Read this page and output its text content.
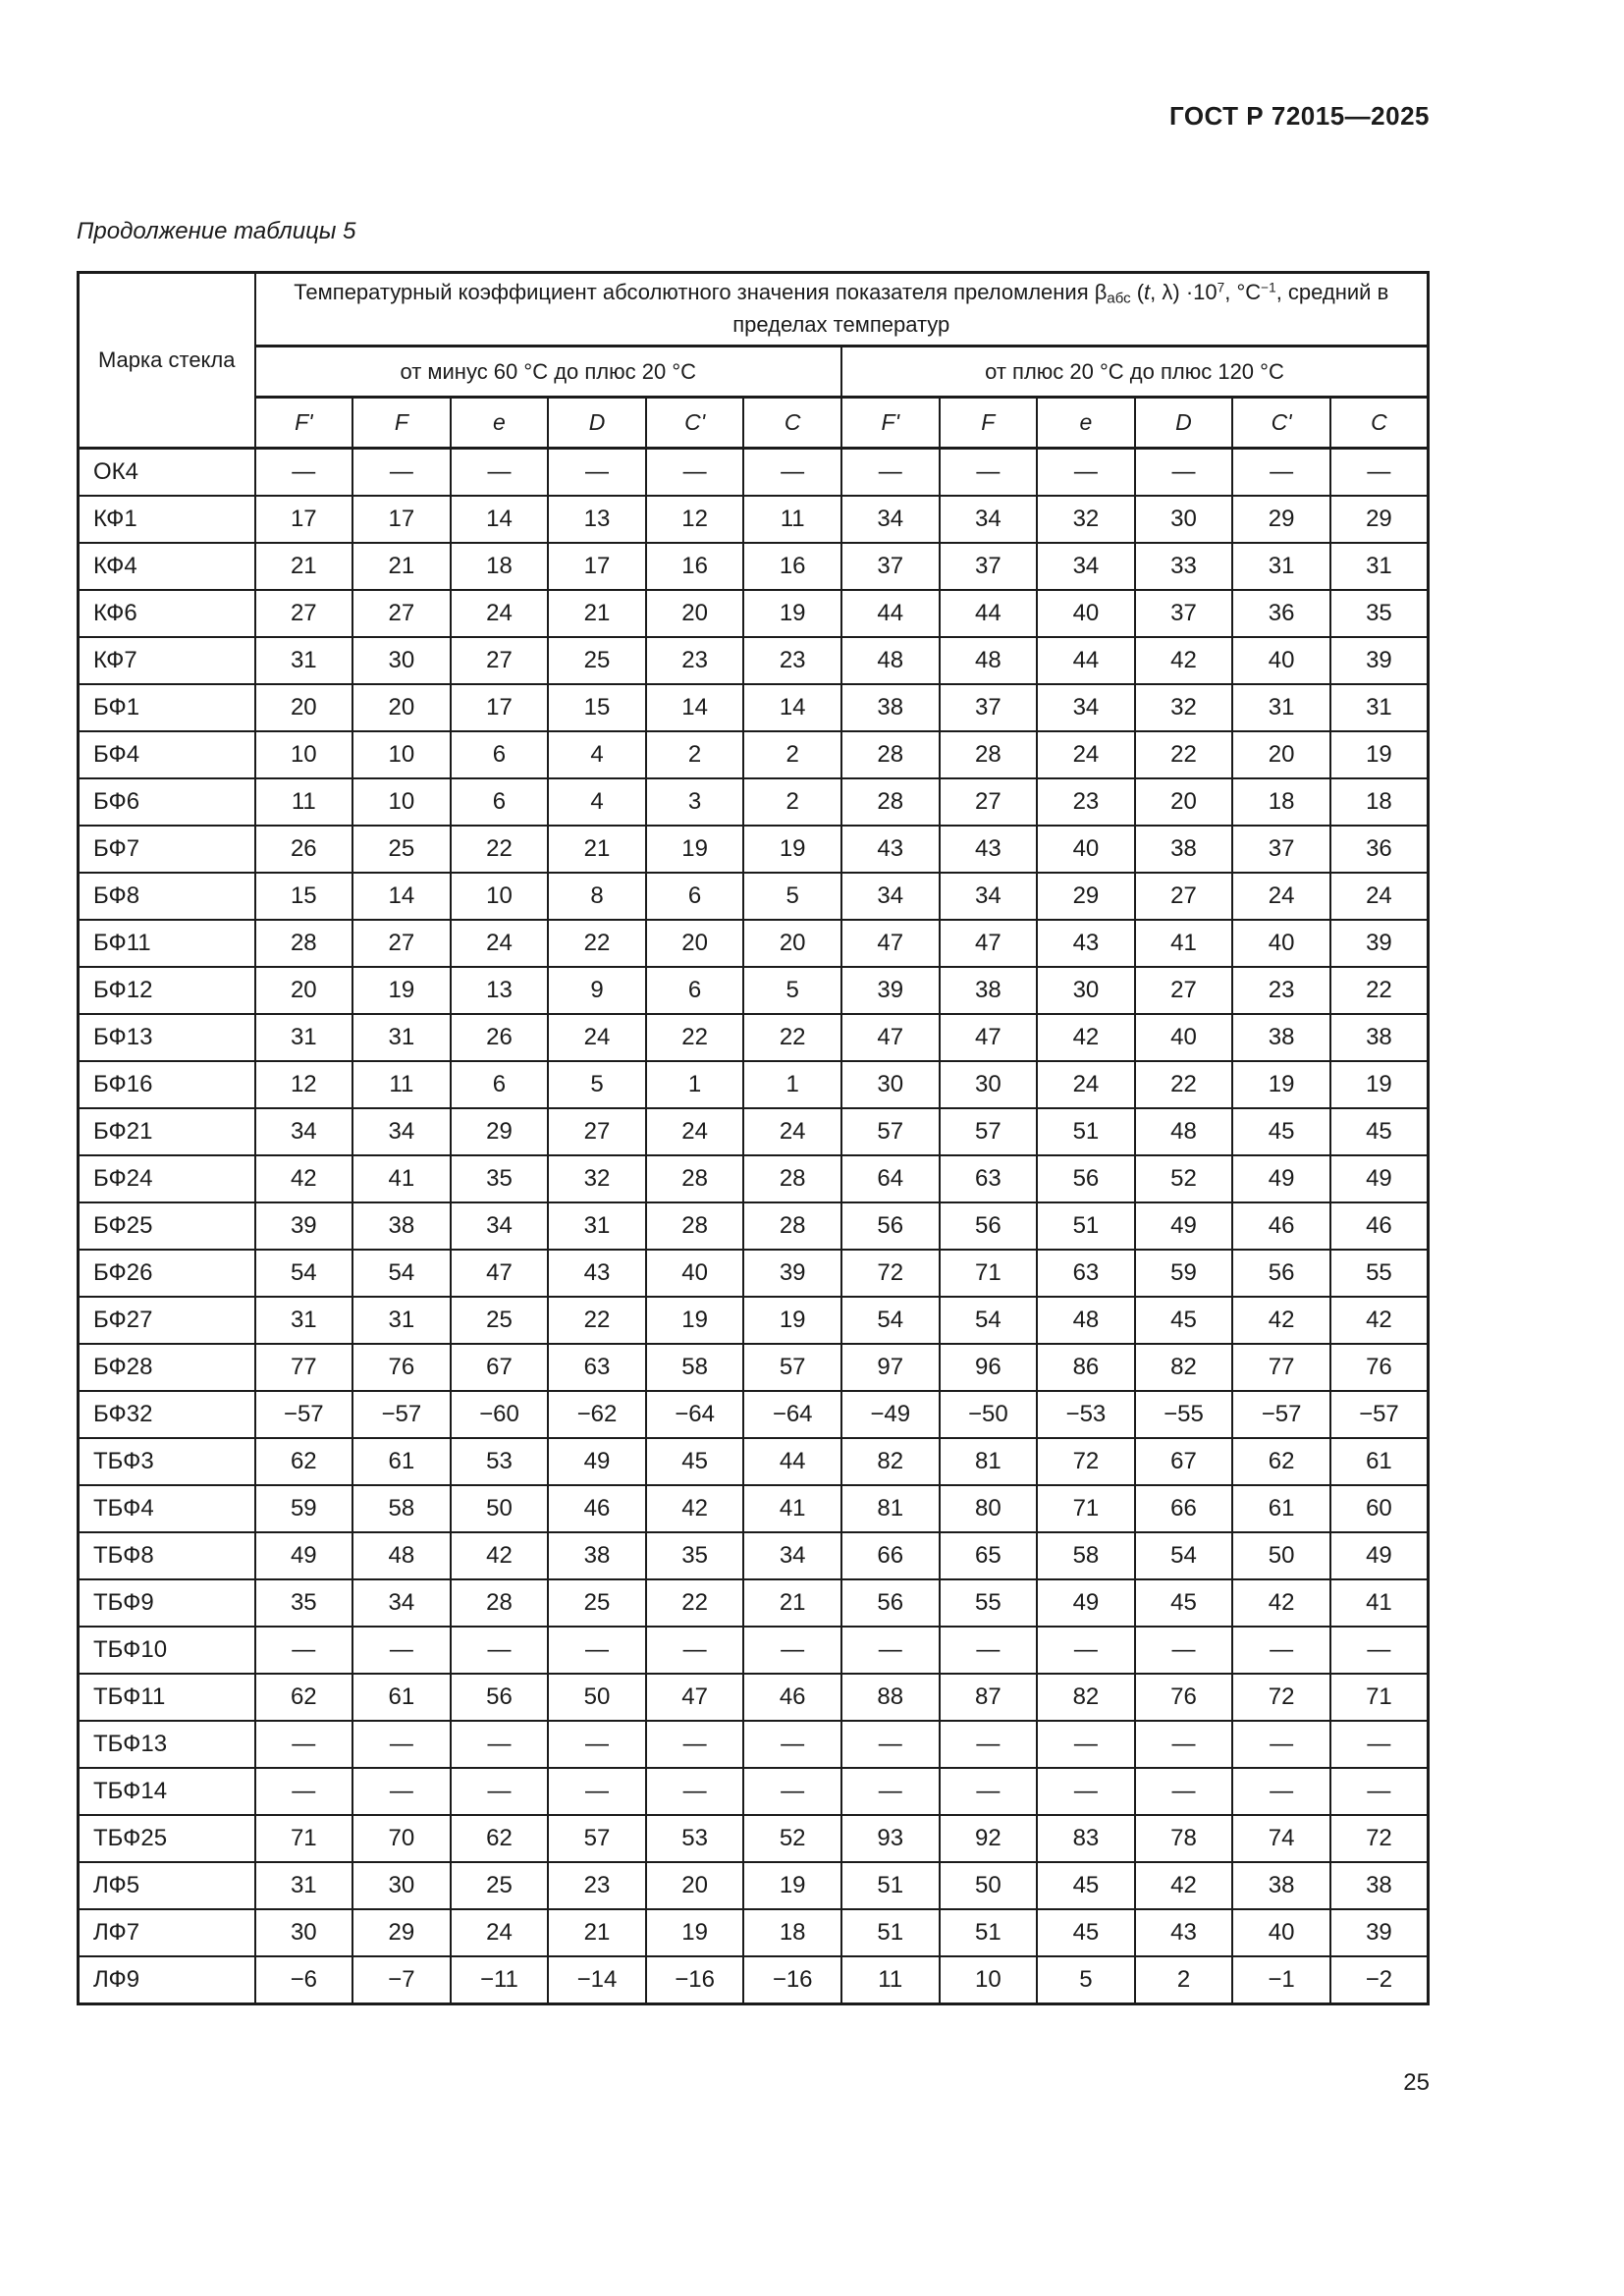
ГОСТ Р 72015—2025
Продолжение таблицы 5
Марка стекла	Температурный коэффициент абсолютного значения показателя преломления $\beta_{абс}$ (t, $\lambda) \cdot 10^7$, $^\circ С^{-1}$, средний в пределах температур											
	от минус 60 °С до плюс 20 °С						от плюс 20 °С до плюс 120 °С					
	F'	F	e	D	C'	C	F'	F	e	D	C'	C
ОК4	—	—	—	—	—	—	—	—	—	—	—	—
КФ1	17	17	14	13	12	11	34	34	32	30	29	29
КФ4	21	21	18	17	16	16	37	37	34	33	31	31
КФ6	27	27	24	21	20	19	44	44	40	37	36	35
КФ7	31	30	27	25	23	23	48	48	44	42	40	39
БФ1	20	20	17	15	14	14	38	37	34	32	31	31
БФ4	10	10	6	4	2	2	28	28	24	22	20	19
БФ6	11	10	6	4	3	2	28	27	23	20	18	18
БФ7	26	25	22	21	19	19	43	43	40	38	37	36
БФ8	15	14	10	8	6	5	34	34	29	27	24	24
БФ11	28	27	24	22	20	20	47	47	43	41	40	39
БФ12	20	19	13	9	6	5	39	38	30	27	23	22
БФ13	31	31	26	24	22	22	47	47	42	40	38	38
БФ16	12	11	6	5	1	1	30	30	24	22	19	19
БФ21	34	34	29	27	24	24	57	57	51	48	45	45
БФ24	42	41	35	32	28	28	64	63	56	52	49	49
БФ25	39	38	34	31	28	28	56	56	51	49	46	46
БФ26	54	54	47	43	40	39	72	71	63	59	56	55
БФ27	31	31	25	22	19	19	54	54	48	45	42	42
БФ28	77	76	67	63	58	57	97	96	86	82	77	76
БФ32	−57	−57	−60	−62	−64	−64	−49	−50	−53	−55	−57	−57
ТБФ3	62	61	53	49	45	44	82	81	72	67	62	61
ТБФ4	59	58	50	46	42	41	81	80	71	66	61	60
ТБФ8	49	48	42	38	35	34	66	65	58	54	50	49
ТБФ9	35	34	28	25	22	21	56	55	49	45	42	41
ТБФ10	—	—	—	—	—	—	—	—	—	—	—	—
ТБФ11	62	61	56	50	47	46	88	87	82	76	72	71
ТБФ13	—	—	—	—	—	—	—	—	—	—	—	—
ТБФ14	—	—	—	—	—	—	—	—	—	—	—	—
ТБФ25	71	70	62	57	53	52	93	92	83	78	74	72
ЛФ5	31	30	25	23	20	19	51	50	45	42	38	38
ЛФ7	30	29	24	21	19	18	51	51	45	43	40	39
ЛФ9	−6	−7	−11	−14	−16	−16	11	10	5	2	−1	−2
25
